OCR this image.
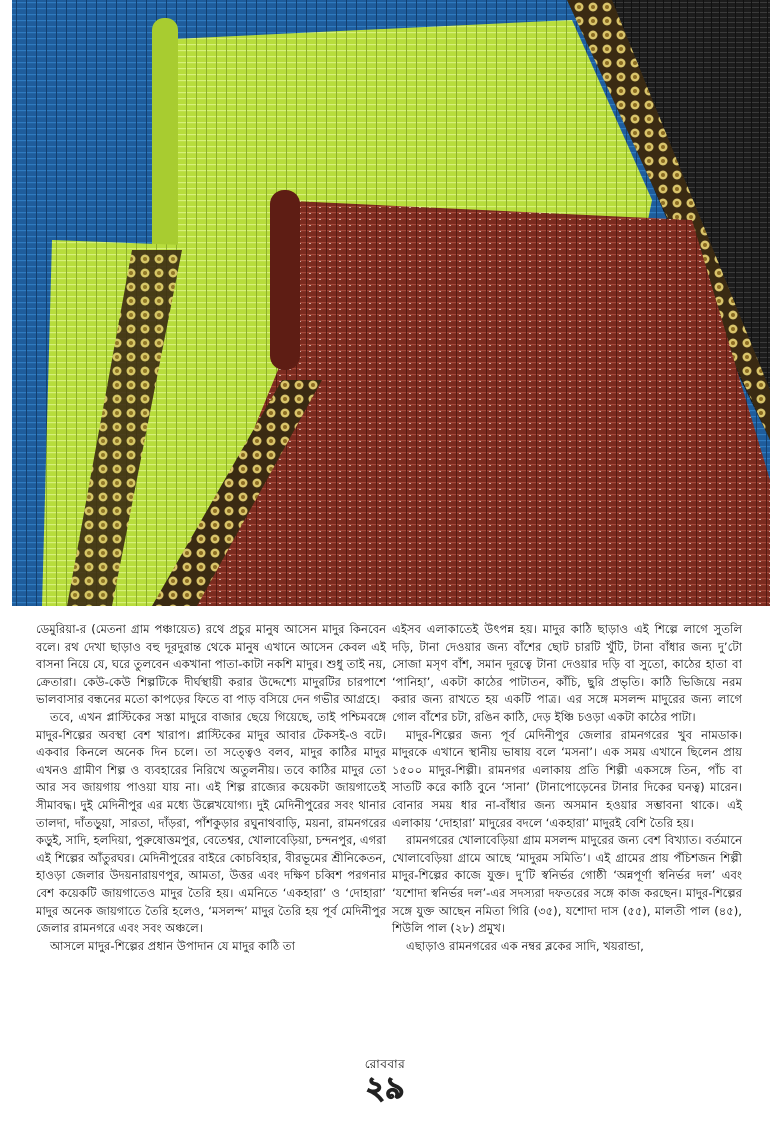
ডেমুরিয়া-র (মেতনা গ্রাম পঞ্চায়েত) রথে প্রচুর মানুষ আসেন মাদুর কিনবেন বলে। রথ দেখা ছাড়াও বহু দূরদুরান্ত থেকে মানুষ এখানে আসেন কেবল এই বাসনা নিয়ে যে, ঘরে তুলবেন একখানা পাতা-কাটা নকশি মাদুর। শুধু তাই নয়, ক্রেতারা। কেউ-কেউ শিল্পটিকে দীর্ঘস্থায়ী করার উদ্দেশ্যে মাদুরটির চারপাশে ভালবাসার বন্ধনের মতো কাপড়ের ফিতে বা পাড় বসিয়ে দেন গভীর আগ্রহে।

তবে, এখন প্লাস্টিকের সস্তা মাদুরে বাজার ছেয়ে গিয়েছে, তাই পশ্চিমবঙ্গে মাদুর-শিল্পের অবস্থা বেশ খারাপ। প্লাস্টিকের মাদুর আবার টেকসই-ও বটে। একবার কিনলে অনেক দিন চলে। তা সত্ত্বেও বলব, মাদুর কাঠির মাদুর এখনও গ্রামীণ শিল্প ও ব্যবহারের নিরিখে অতুলনীয়। তবে কাঠির মাদুর তো আর সব জায়গায় পাওয়া যায় না। এই শিল্প রাজ্যের কয়েকটা জায়গাতেই সীমাবদ্ধ। দুই মেদিনীপুর এর মধ্যে উল্লেখযোগ্য। দুই মেদিনীপুরের সবং থানার তালদা, দাঁতড়ুয়া, সারতা, দাঁড়রা, পাঁশকুড়ার রঘুনাথবাড়ি, ময়না, রামনগরের কড়ুই, সাদি, হলদিয়া, পুরুষোত্তমপুর, বেতেশ্বর, খোলাবেড়িয়া, চন্দনপুর, এগরা এই শিল্পের আঁতুরঘর। মেদিনীপুরের বাইরে কোচবিহার, বীরভূমের শ্রীনিকেতন, হাওড়া জেলার উদয়নারায়ণপুর, আমতা, উত্তর এবং দক্ষিণ চব্বিশ পরগনার বেশ কয়েকটি জায়গাতেও মাদুর তৈরি হয়। এমনিতে ‘একহারা’ ও ‘দোহারা’ মাদুর অনেক জায়গাতে তৈরি হলেও, ‘মসলন্দ’ মাদুর তৈরি হয় পূর্ব মেদিনীপুর জেলার রামনগরে এবং সবং অঞ্চলে।

আসলে মাদুর-শিল্পের প্রধান উপাদান যে মাদুর কাঠি তা

এইসব এলাকাতেই উৎপন্ন হয়। মাদুর কাঠি ছাড়াও এই শিল্পে লাগে সুতলি দড়ি, টানা দেওয়ার জন্য বাঁশের ছোট চারটি খুঁটি, টানা বাঁধার জন্য দু’টো সোজা মসৃণ বাঁশ, সমান দূরত্বে টানা দেওয়ার দড়ি বা সুতো, কাঠের হাতা বা ‘পানিহা’, একটা কাঠের পাটাতন, কাঁচি, ছুরি প্রভৃতি। কাঠি ভিজিয়ে নরম করার জন্য রাখতে হয় একটি পাত্র। এর সঙ্গে মসলন্দ মাদুরের জন্য লাগে গোল বাঁশের চটা, রঙিন কাঠি, দেড় ইঞ্চি চওড়া একটা কাঠের পাটা।

মাদুর-শিল্পের জন্য পূর্ব মেদিনীপুর জেলার রামনগরের খুব নামডাক। মাদুরকে এখানে স্থানীয় ভাষায় বলে ‘মসনা’। এক সময় এখানে ছিলেন প্রায় ১৫০০ মাদুর-শিল্পী। রামনগর এলাকায় প্রতি শিল্পী একসঙ্গে তিন, পাঁচ বা সাতটি করে কাঠি বুনে ‘সানা’ (টানাপোড়েনের টানার দিকের ঘনত্ব) মারেন। বোনার সময় ধার না-বাঁধার জন্য অসমান হওয়ার সম্ভাবনা থাকে। এই এলাকায় ‘দোহারা’ মাদুরের বদলে ‘একহারা’ মাদুরই বেশি তৈরি হয়।

রামনগরের খোলাবেড়িয়া গ্রাম মসলন্দ মাদুরের জন্য বেশ বিখ্যাত। বর্তমানে খোলাবেড়িয়া গ্রামে আছে ‘মাদুরম সমিতি’। এই গ্রামের প্রায় পঁচিশজন শিল্পী মাদুর-শিল্পের কাজে যুক্ত। দু’টি স্বনির্ভর গোষ্ঠী ‘অন্নপূর্ণা স্বনির্ভর দল’ এবং ‘যশোদা স্বনির্ভর দল’-এর সদস্যরা দফতরের সঙ্গে কাজ করছেন। মাদুর-শিল্পের সঙ্গে যুক্ত আছেন নমিতা গিরি (৩৫), যশোদা দাস (৫৫), মালতী পাল (৪৫), শিউলি পাল (২৮) প্রমুখ।

এছাড়াও রামনগরের এক নম্বর ব্লকের সাদি, খয়রান্ডা,

রোববার
২৯
